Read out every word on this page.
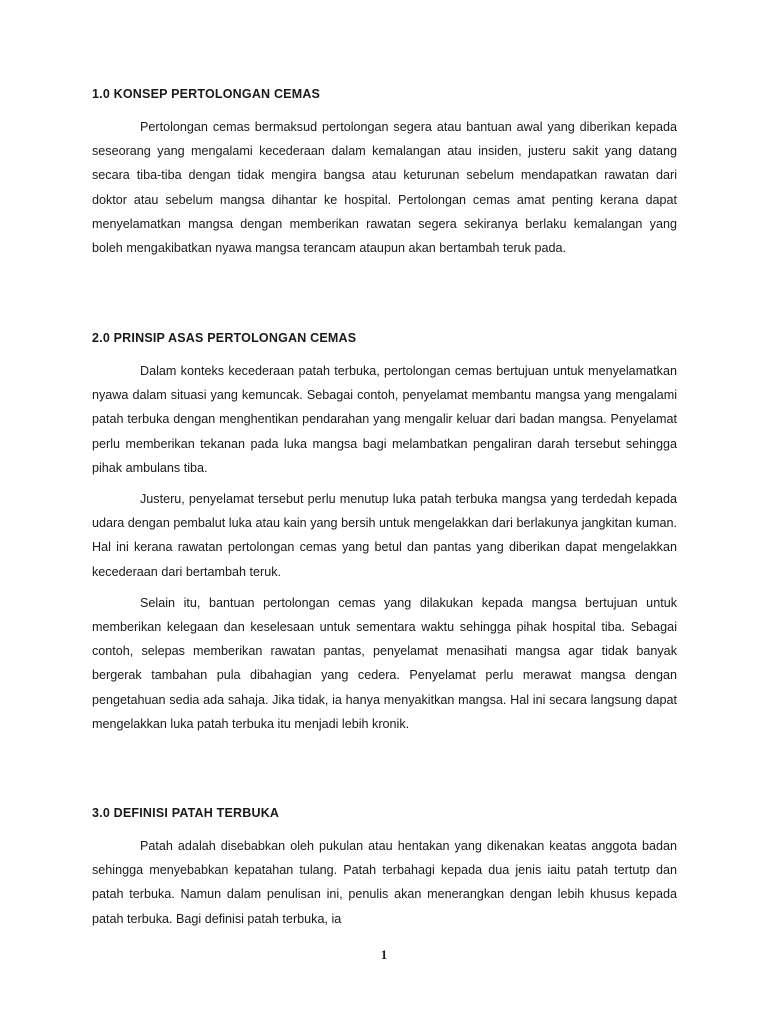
1.0 KONSEP PERTOLONGAN CEMAS

Pertolongan cemas bermaksud pertolongan segera atau bantuan awal yang diberikan kepada seseorang yang mengalami kecederaan dalam kemalangan atau insiden, justeru sakit yang datang secara tiba-tiba dengan tidak mengira bangsa atau keturunan sebelum mendapatkan rawatan dari doktor atau sebelum mangsa dihantar ke hospital. Pertolongan cemas amat penting kerana dapat menyelamatkan mangsa dengan memberikan rawatan segera sekiranya berlaku kemalangan yang boleh mengakibatkan nyawa mangsa terancam ataupun akan bertambah teruk pada.

2.0 PRINSIP ASAS PERTOLONGAN CEMAS

Dalam konteks kecederaan patah terbuka, pertolongan cemas bertujuan untuk menyelamatkan nyawa dalam situasi yang kemuncak. Sebagai contoh, penyelamat membantu mangsa yang mengalami patah terbuka dengan menghentikan pendarahan yang mengalir keluar dari badan mangsa. Penyelamat perlu memberikan tekanan pada luka mangsa bagi melambatkan pengaliran darah tersebut sehingga pihak ambulans tiba.

Justeru, penyelamat tersebut perlu menutup luka patah terbuka mangsa yang terdedah kepada udara dengan pembalut luka atau kain yang bersih untuk mengelakkan dari berlakunya jangkitan kuman. Hal ini kerana rawatan pertolongan cemas yang betul dan pantas yang diberikan dapat mengelakkan kecederaan dari bertambah teruk.

Selain itu, bantuan pertolongan cemas yang dilakukan kepada mangsa bertujuan untuk memberikan kelegaan dan keselesaan untuk sementara waktu sehingga pihak hospital tiba. Sebagai contoh, selepas memberikan rawatan pantas, penyelamat menasihati mangsa agar tidak banyak bergerak tambahan pula dibahagian yang cedera. Penyelamat perlu merawat mangsa dengan pengetahuan sedia ada sahaja. Jika tidak, ia hanya menyakitkan mangsa. Hal ini secara langsung dapat mengelakkan luka patah terbuka itu menjadi lebih kronik.

3.0 DEFINISI PATAH TERBUKA

Patah adalah disebabkan oleh pukulan atau hentakan yang dikenakan keatas anggota badan sehingga menyebabkan kepatahan tulang. Patah terbahagi kepada dua jenis iaitu patah tertutp dan patah terbuka. Namun dalam penulisan ini, penulis akan menerangkan dengan lebih khusus kepada patah terbuka. Bagi definisi patah terbuka, ia

1
